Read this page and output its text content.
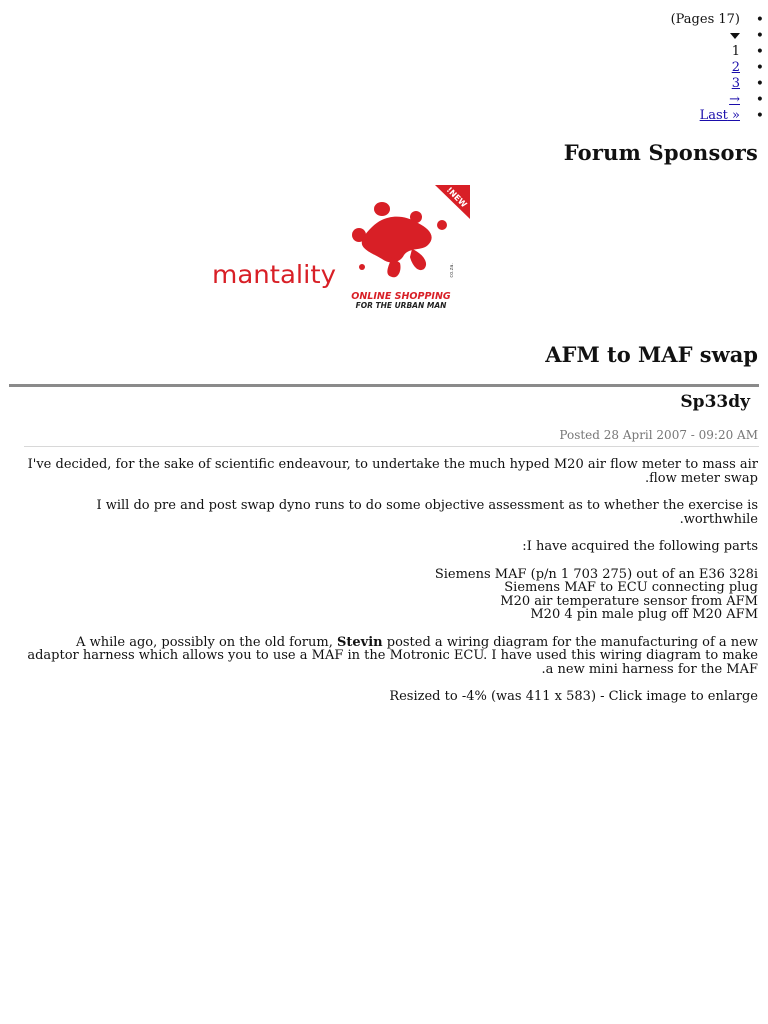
(Pages 17) •
•
1 •
2 •
3 •
→ •
« Last •
Forum Sponsors
NEW!
.co.za
mantality
ONLINE SHOPPING
FOR THE URBAN MAN
AFM to MAF swap
Sp33dy
Posted 28 April 2007 - 09:20 AM

I've decided, for the sake of scientific endeavour, to undertake the much hyped M20 air flow meter to mass air flow meter swap.

I will do pre and post swap dyno runs to do some objective assessment as to whether the exercise is worthwhile.

I have acquired the following parts:

Siemens MAF (p/n 1 703 275) out of an E36 328i
Siemens MAF to ECU connecting plug
M20 air temperature sensor from AFM
M20 4 pin male plug off M20 AFM

A while ago, possibly on the old forum, Stevin posted a wiring diagram for the manufacturing of a new adaptor harness which allows you to use a MAF in the Motronic ECU. I have used this wiring diagram to make a new mini harness for the MAF.

Resized to -4% (was 411 x 583) - Click image to enlarge
